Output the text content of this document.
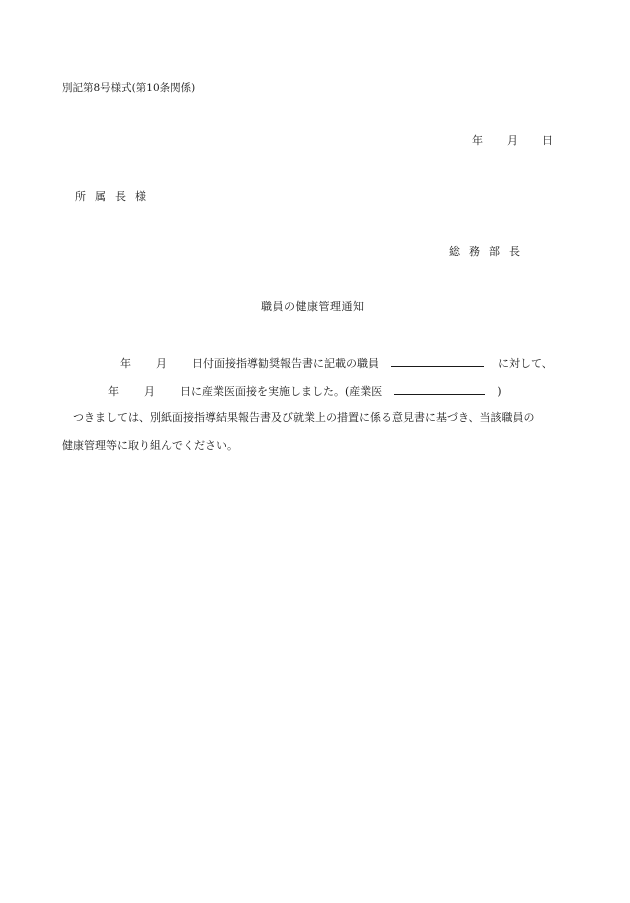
別記第8号様式(第10条関係)
年 月 日
所属長様
総務部長
職員の健康管理通知
年 月 日付面接指導勧奨報告書に記載の職員	に対して、
年 月 日に産業医面接を実施しました。(産業医	)
つきましては、別紙面接指導結果報告書及び就業上の措置に係る意見書に基づき、当該職員の
健康管理等に取り組んでください。
